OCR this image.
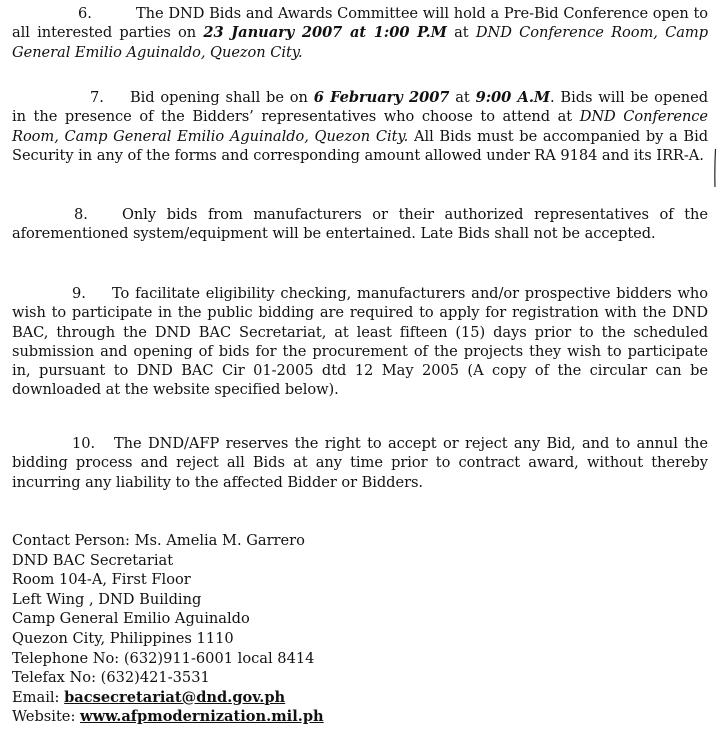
6.	The DND Bids and Awards Committee will hold a Pre-Bid Conference open to all interested parties on 23 January 2007 at 1:00 P.M at DND Conference Room, Camp General Emilio Aguinaldo, Quezon City.

7. Bid opening shall be on 6 February 2007 at 9:00 A.M. Bids will be opened in the presence of the Bidders’ representatives who choose to attend at DND Conference Room, Camp General Emilio Aguinaldo, Quezon City. All Bids must be accompanied by a Bid Security in any of the forms and corresponding amount allowed under RA 9184 and its IRR-A.

8. Only bids from manufacturers or their authorized representatives of the aforementioned system/equipment will be entertained. Late Bids shall not be accepted.

9. To facilitate eligibility checking, manufacturers and/or prospective bidders who wish to participate in the public bidding are required to apply for registration with the DND BAC, through the DND BAC Secretariat, at least fifteen (15) days prior to the scheduled submission and opening of bids for the procurement of the projects they wish to participate in, pursuant to DND BAC Cir 01-2005 dtd 12 May 2005 (A copy of the circular can be downloaded at the website specified below).

10. The DND/AFP reserves the right to accept or reject any Bid, and to annul the bidding process and reject all Bids at any time prior to contract award, without thereby incurring any liability to the affected Bidder or Bidders.

Contact Person: Ms. Amelia M. Garrero
DND BAC Secretariat
Room 104-A, First Floor
Left Wing , DND Building
Camp General Emilio Aguinaldo
Quezon City, Philippines 1110
Telephone No: (632)911-6001 local 8414
Telefax No: (632)421-3531
Email: bacsecretariat@dnd.gov.ph
Website: www.afpmodernization.mil.ph
